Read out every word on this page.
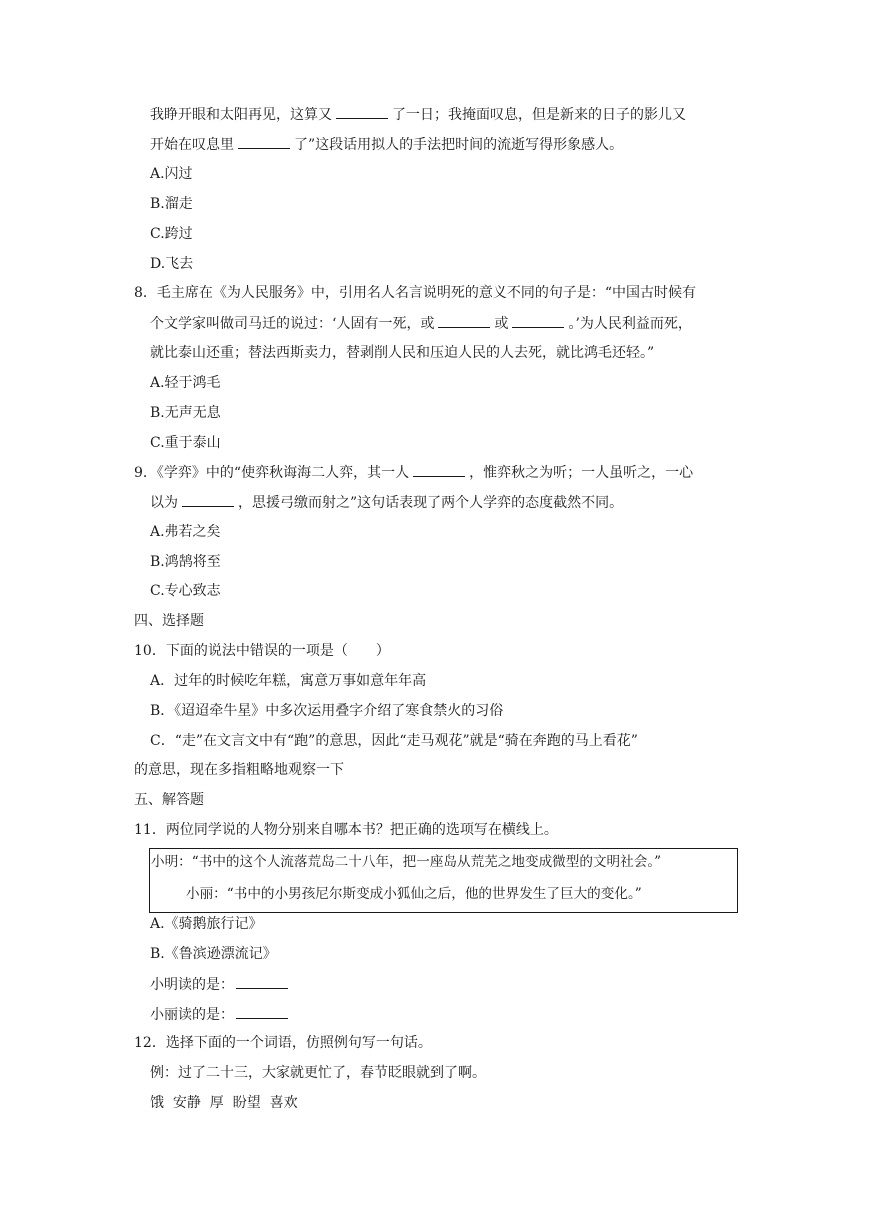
我睁开眼和太阳再见，这算又	了一日；我掩面叹息，但是新来的日子的影儿又
开始在叹息里	了”这段话用拟人的手法把时间的流逝写得形象感人。
A.闪过
B.溜走
C.跨过
D.飞去
8．毛主席在《为人民服务》中，引用名人名言说明死的意义不同的句子是：“中国古时候有
个文学家叫做司马迁的说过：‘人固有一死，或	或	。’为人民利益而死，
就比泰山还重；替法西斯卖力，替剥削人民和压迫人民的人去死，就比鸿毛还轻。”
A.轻于鸿毛
B.无声无息
C.重于泰山
9．《学弈》中的“使弈秋诲海二人弈，其一人	，惟弈秋之为听；一人虽听之，一心
以为	，思援弓缴而射之”这句话表现了两个人学弈的态度截然不同。
A.弗若之矣
B.鸿鹄将至
C.专心致志
四、选择题
10．下面的说法中错误的一项是（　　）
A．过年的时候吃年糕，寓意万事如意年年高
B．《迢迢牵牛星》中多次运用叠字介绍了寒食禁火的习俗
C．“走”在文言文中有“跑”的意思，因此“走马观花”就是“骑在奔跑的马上看花”
的意思，现在多指粗略地观察一下
五、解答题
11．两位同学说的人物分别来自哪本书？把正确的选项写在横线上。
小明：“书中的这个人流落荒岛二十八年，把一座岛从荒芜之地变成微型的文明社会。”
小丽：“书中的小男孩尼尔斯变成小狐仙之后，他的世界发生了巨大的变化。”
A.《骑鹅旅行记》
B.《鲁滨逊漂流记》
小明读的是：
小丽读的是：
12．选择下面的一个词语，仿照例句写一句话。
例：过了二十三，大家就更忙了，春节眨眼就到了啊。
饿  安静  厚  盼望  喜欢
